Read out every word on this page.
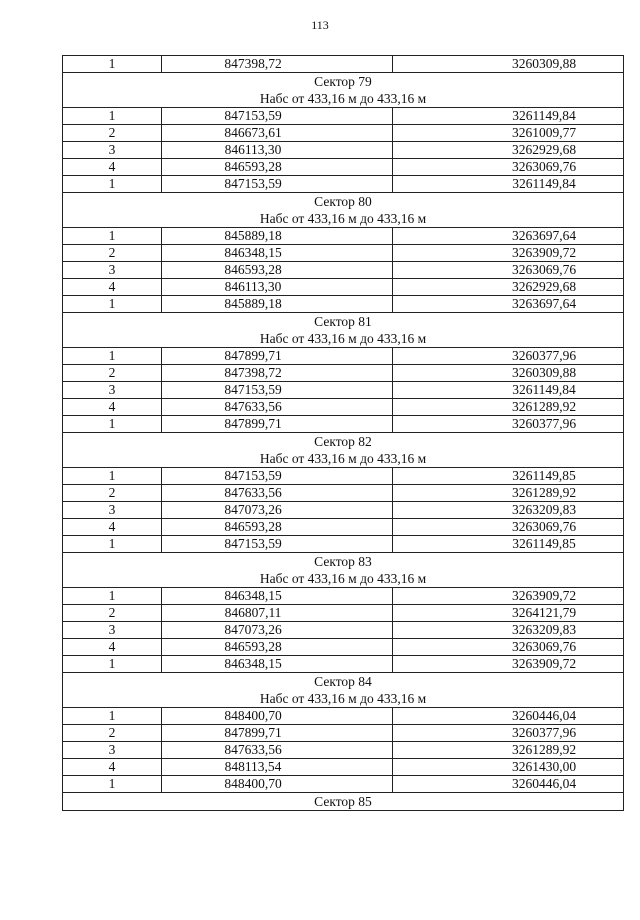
113
1	847398,72	3260309,88

Сектор 79
Набс от 433,16 м до 433,16 м		

1	847153,59	3261149,84
2	846673,61	3261009,77
3	846113,30	3262929,68
4	846593,28	3263069,76
1	847153,59	3261149,84

Сектор 80
Набс от 433,16 м до 433,16 м		

1	845889,18	3263697,64
2	846348,15	3263909,72
3	846593,28	3263069,76
4	846113,30	3262929,68
1	845889,18	3263697,64

Сектор 81
Набс от 433,16 м до 433,16 м		

1	847899,71	3260377,96
2	847398,72	3260309,88
3	847153,59	3261149,84
4	847633,56	3261289,92
1	847899,71	3260377,96

Сектор 82
Набс от 433,16 м до 433,16 м		

1	847153,59	3261149,85
2	847633,56	3261289,92
3	847073,26	3263209,83
4	846593,28	3263069,76
1	847153,59	3261149,85

Сектор 83
Набс от 433,16 м до 433,16 м		

1	846348,15	3263909,72
2	846807,11	3264121,79
3	847073,26	3263209,83
4	846593,28	3263069,76
1	846348,15	3263909,72

Сектор 84
Набс от 433,16 м до 433,16 м		

1	848400,70	3260446,04
2	847899,71	3260377,96
3	847633,56	3261289,92
4	848113,54	3261430,00
1	848400,70	3260446,04

Сектор 85		
